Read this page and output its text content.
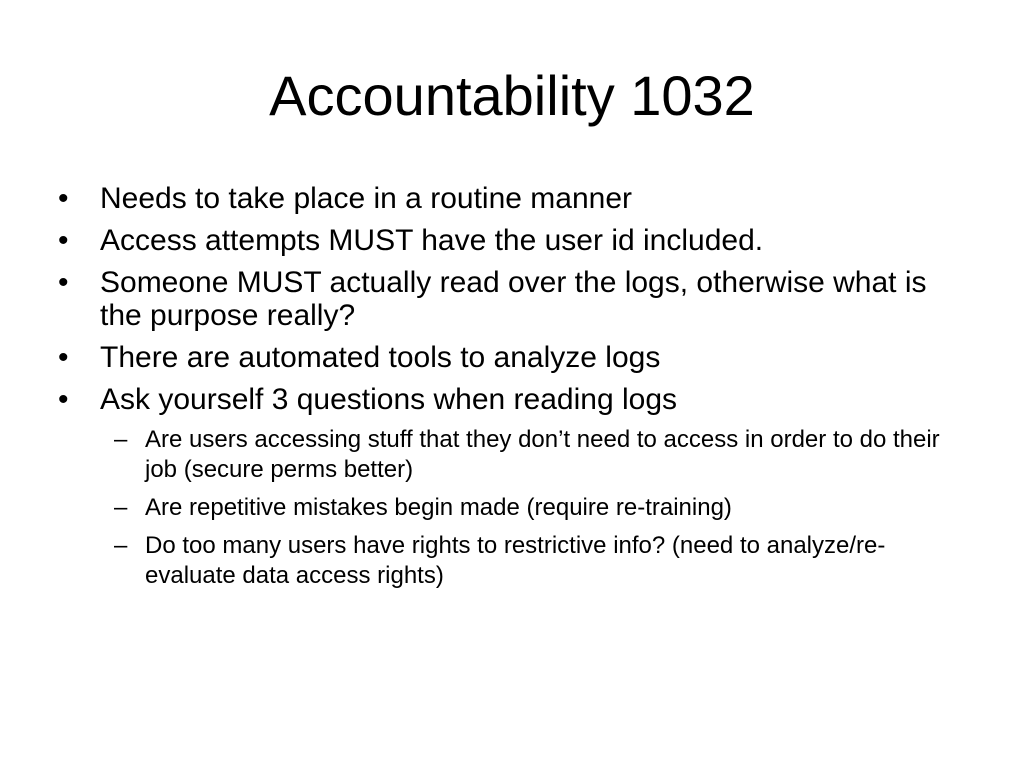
Accountability 1032
•	Needs to take place in a routine manner
•	Access attempts MUST have the user id included.
•	Someone MUST actually read over the logs, otherwise what is the purpose really?
•	There are automated tools to analyze logs
•	Ask yourself 3 questions when reading logs
– Are users accessing stuff that they don’t need to access in order to do their job (secure perms better)
– Are repetitive mistakes begin made (require re-training)
– Do too many users have rights to restrictive info? (need to analyze/re-evaluate data access rights)
